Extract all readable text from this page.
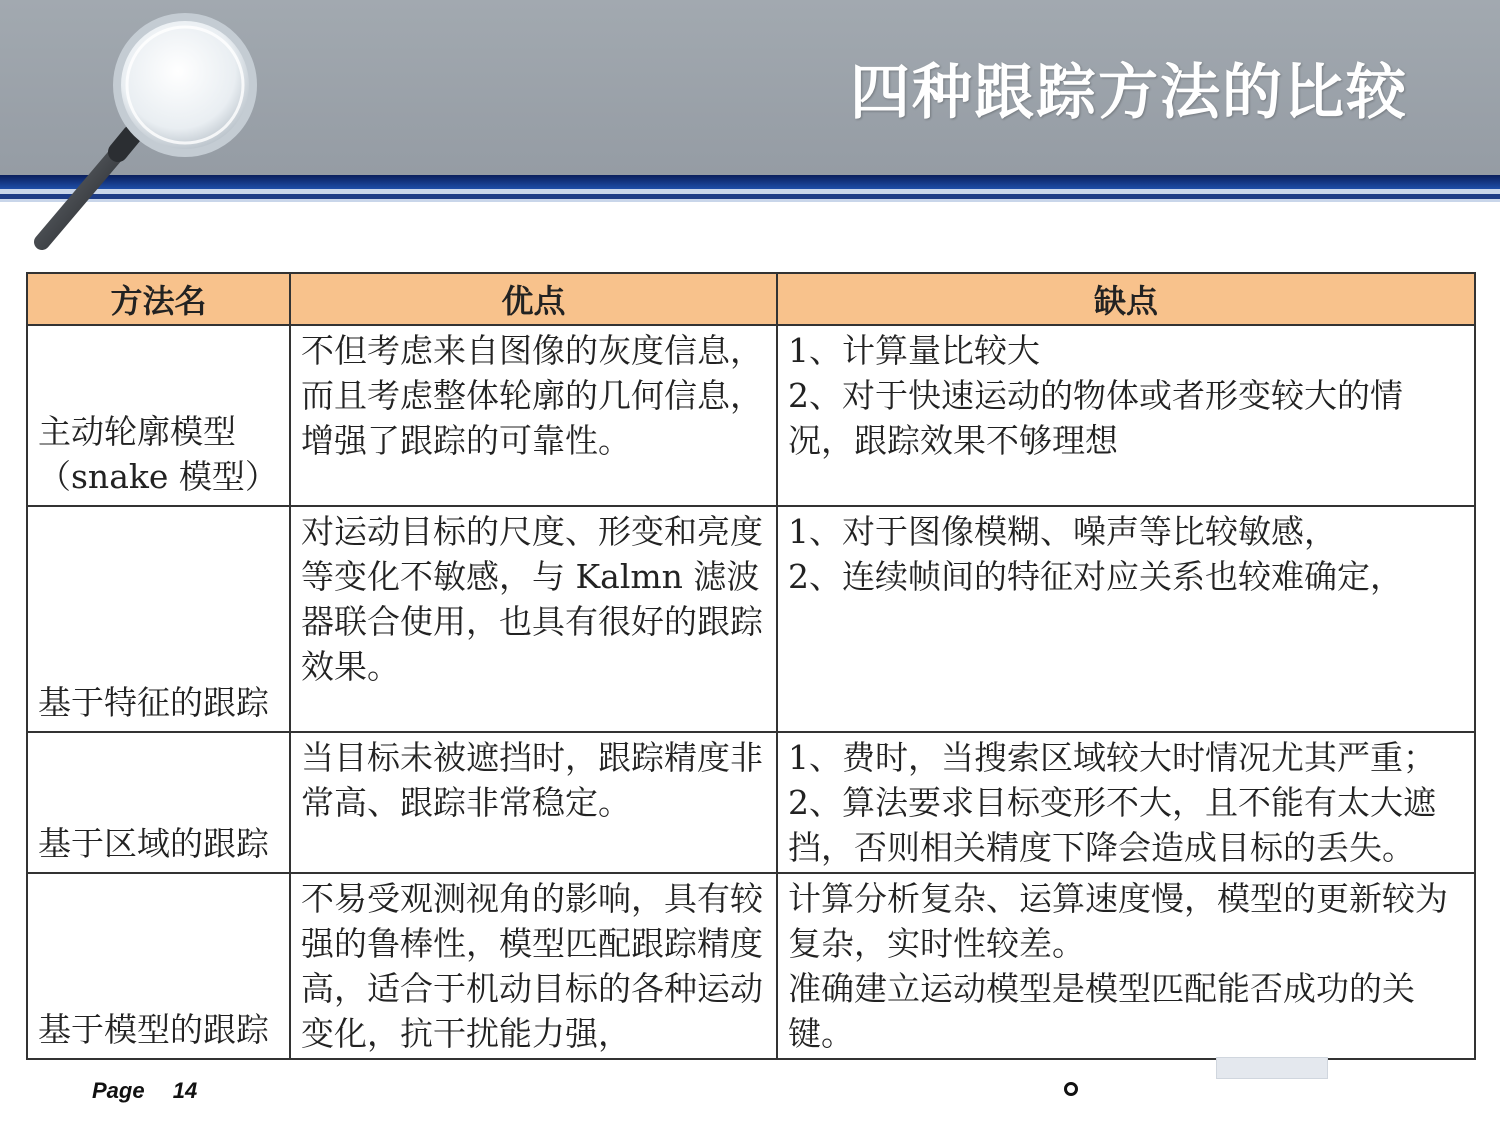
四种跟踪方法的比较
方法名	优点	缺点
主动轮廓模型（snake 模型）	不但考虑来自图像的灰度信息，而且考虑整体轮廓的几何信息，增强了跟踪的可靠性。	1、计算量比较大
2、对于快速运动的物体或者形变较大的情况，跟踪效果不够理想

基于特征的跟踪	对运动目标的尺度、形变和亮度等变化不敏感，与 Kalmn 滤波器联合使用，也具有很好的跟踪效果。	1、对于图像模糊、噪声等比较敏感，
2、连续帧间的特征对应关系也较难确定，

基于区域的跟踪	当目标未被遮挡时，跟踪精度非常高、跟踪非常稳定。	1、费时，当搜索区域较大时情况尤其严重；
2、算法要求目标变形不大，且不能有太大遮挡，否则相关精度下降会造成目标的丢失。

基于模型的跟踪	不易受观测视角的影响，具有较强的鲁棒性，模型匹配跟踪精度高，适合于机动目标的各种运动变化，抗干扰能力强，	计算分析复杂、运算速度慢，模型的更新较为复杂，实时性较差。
准确建立运动模型是模型匹配能否成功的关键。
Page 14
